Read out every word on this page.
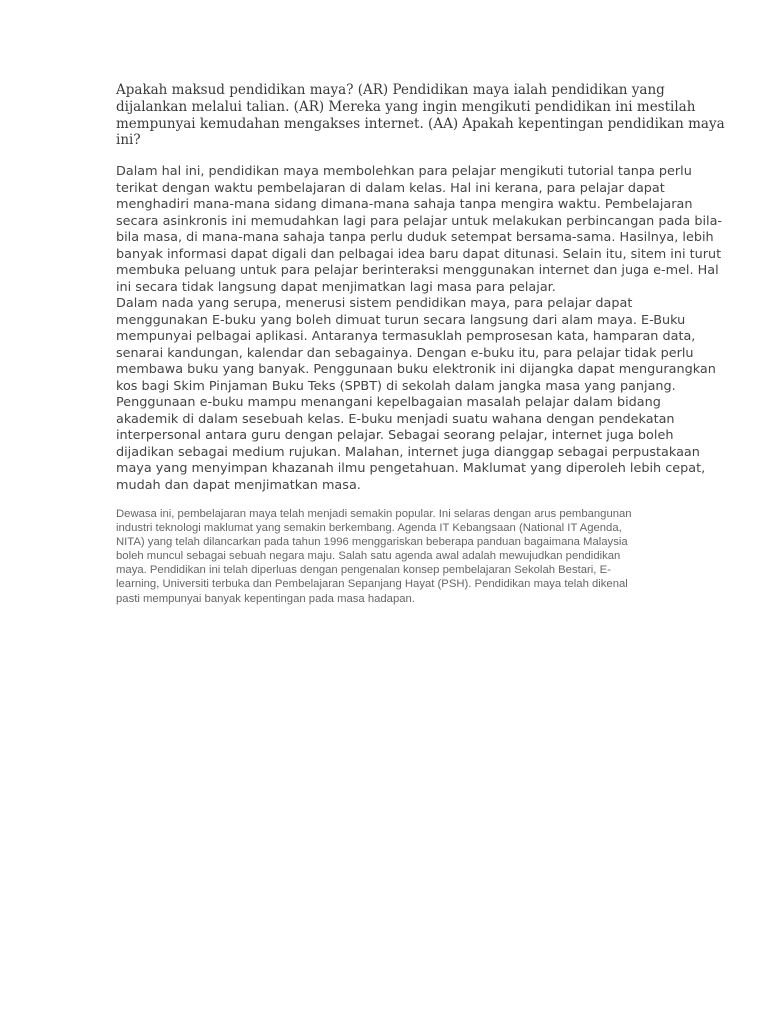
Apakah maksud pendidikan maya? (AR) Pendidikan maya ialah pendidikan yang
dijalankan melalui talian. (AR) Mereka yang ingin mengikuti pendidikan ini mestilah
mempunyai kemudahan mengakses internet. (AA) Apakah kepentingan pendidikan maya
ini?
Dalam hal ini, pendidikan maya membolehkan para pelajar mengikuti tutorial tanpa perlu
terikat dengan waktu pembelajaran di dalam kelas. Hal ini kerana, para pelajar dapat
menghadiri mana-mana sidang dimana-mana sahaja tanpa mengira waktu. Pembelajaran
secara asinkronis ini memudahkan lagi para pelajar untuk melakukan perbincangan pada bila-
bila masa, di mana-mana sahaja tanpa perlu duduk setempat bersama-sama. Hasilnya, lebih
banyak informasi dapat digali dan pelbagai idea baru dapat ditunasi. Selain itu, sitem ini turut
membuka peluang untuk para pelajar berinteraksi menggunakan internet dan juga e-mel. Hal
ini secara tidak langsung dapat menjimatkan lagi masa para pelajar.
Dalam nada yang serupa, menerusi sistem pendidikan maya, para pelajar dapat
menggunakan E-buku yang boleh dimuat turun secara langsung dari alam maya. E-Buku
mempunyai pelbagai aplikasi. Antaranya termasuklah pemprosesan kata, hamparan data,
senarai kandungan, kalendar dan sebagainya. Dengan e-buku itu, para pelajar tidak perlu
membawa buku yang banyak. Penggunaan buku elektronik ini dijangka dapat mengurangkan
kos bagi Skim Pinjaman Buku Teks (SPBT) di sekolah dalam jangka masa yang panjang.
Penggunaan e-buku mampu menangani kepelbagaian masalah pelajar dalam bidang
akademik di dalam sesebuah kelas. E-buku menjadi suatu wahana dengan pendekatan
interpersonal antara guru dengan pelajar. Sebagai seorang pelajar, internet juga boleh
dijadikan sebagai medium rujukan. Malahan, internet juga dianggap sebagai perpustakaan
maya yang menyimpan khazanah ilmu pengetahuan. Maklumat yang diperoleh lebih cepat,
mudah dan dapat menjimatkan masa.
Dewasa ini, pembelajaran maya telah menjadi semakin popular. Ini selaras dengan arus pembangunan
industri teknologi maklumat yang semakin berkembang. Agenda IT Kebangsaan (National IT Agenda,
NITA) yang telah dilancarkan pada tahun 1996 menggariskan beberapa panduan bagaimana Malaysia
boleh muncul sebagai sebuah negara maju. Salah satu agenda awal adalah mewujudkan pendidikan
maya. Pendidikan ini telah diperluas dengan pengenalan konsep pembelajaran Sekolah Bestari, E-
learning, Universiti terbuka dan Pembelajaran Sepanjang Hayat (PSH). Pendidikan maya telah dikenal
pasti mempunyai banyak kepentingan pada masa hadapan.
